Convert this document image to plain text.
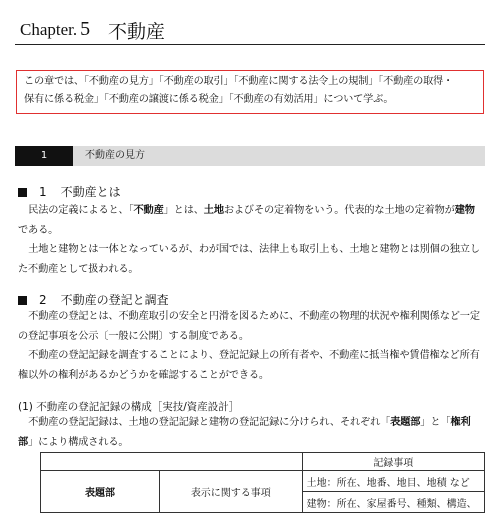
Chapter. 5 不動産
この章では、「不動産の見方」「不動産の取引」「不動産に関する法令上の規制」「不動産の取得・
保有に係る税金」「不動産の譲渡に係る税金」「不動産の有効活用」について学ぶ。
1	不動産の見方
1 不動産とは

民法の定義によると、「不動産」とは、土地およびその定着物をいう。代表的な土地の定着物が建物である。

土地と建物とは一体となっているが、わが国では、法律上も取引上も、土地と建物とは別個の独立した不動産として扱われる。

2 不動産の登記と調査

不動産の登記とは、不動産取引の安全と円滑を図るために、不動産の物理的状況や権利関係など一定の登記事項を公示〔一般に公開〕する制度である。

不動産の登記記録を調査することにより、登記記録上の所有者や、不動産に抵当権や賃借権など所有権以外の権利があるかどうかを確認することができる。

(1) 不動産の登記記録の構成［実技/資産設計］

不動産の登記記録は、土地の登記記録と建物の登記記録に分けられ、それぞれ「表題部」と「権利部」により構成される。

		記録事項
表題部	表示に関する事項	土地：所在、地番、地目、地積 など
		建物：所在、家屋番号、種類、構造、
